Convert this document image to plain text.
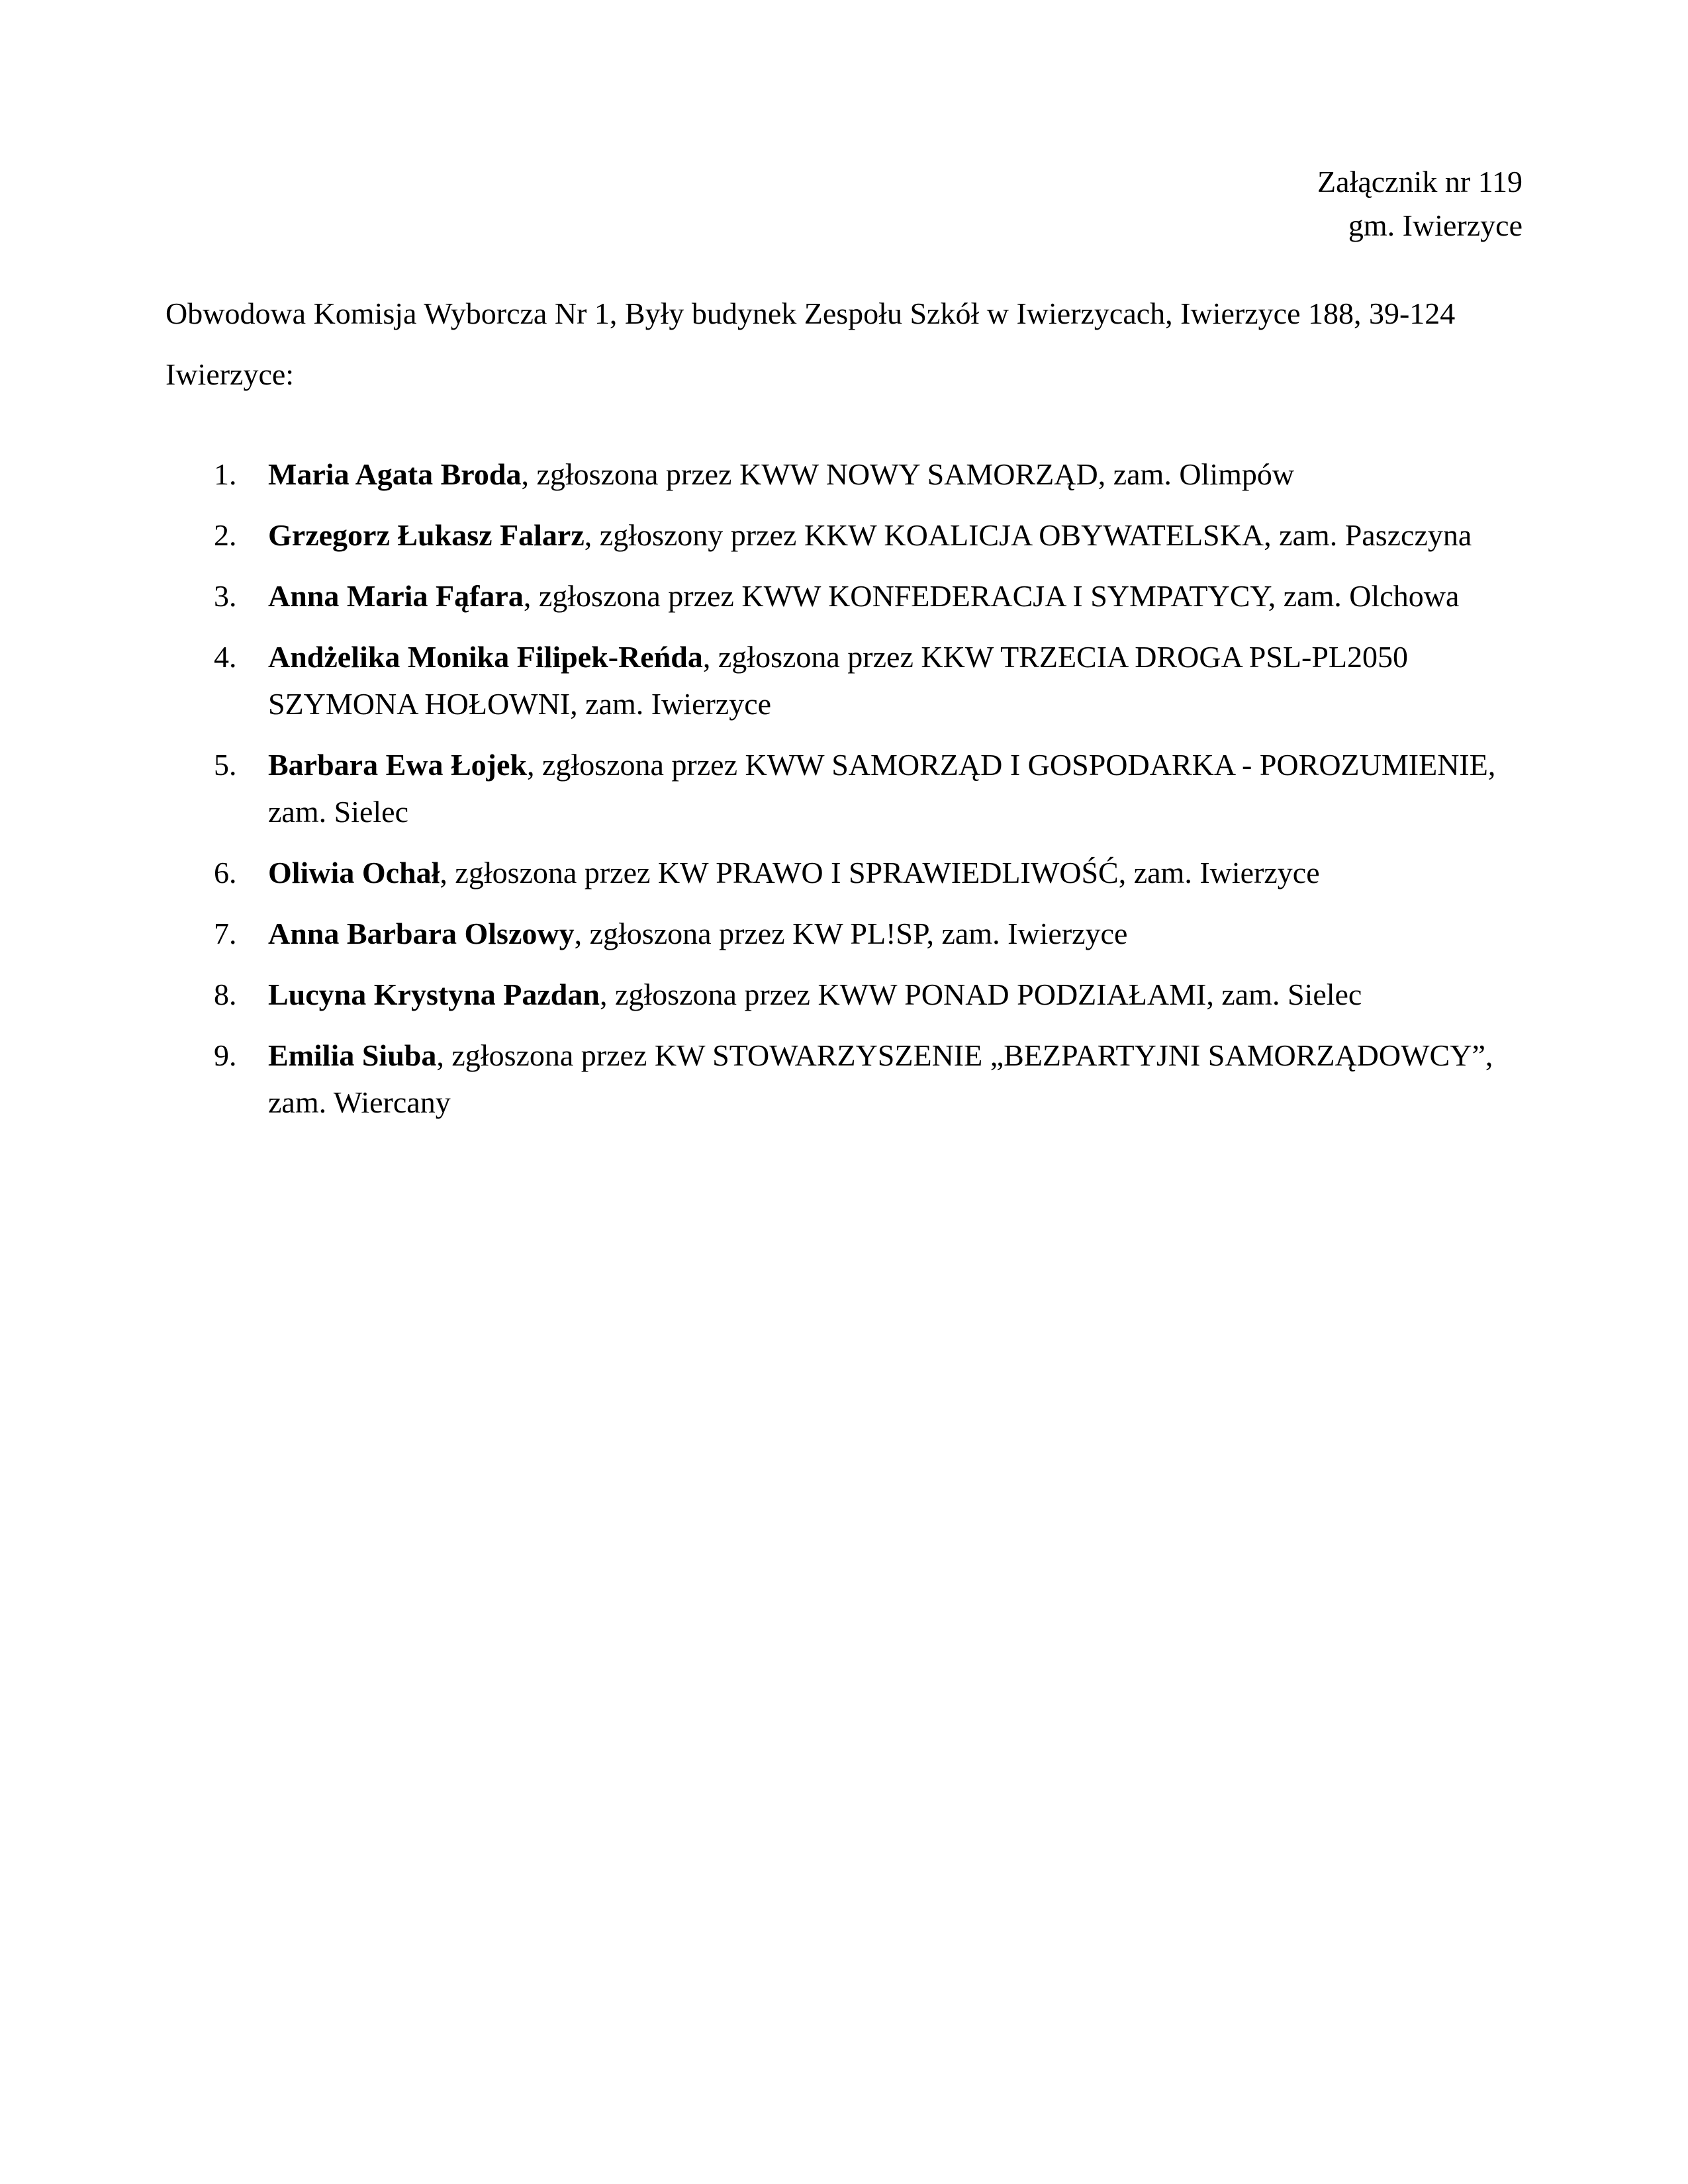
Załącznik nr 119
gm. Iwierzyce
Obwodowa Komisja Wyborcza Nr 1, Były budynek Zespołu Szkół w Iwierzycach, Iwierzyce 188, 39-124 Iwierzyce:
1. Maria Agata Broda, zgłoszona przez KWW NOWY SAMORZĄD, zam. Olimpów
2. Grzegorz Łukasz Falarz, zgłoszony przez KKW KOALICJA OBYWATELSKA, zam. Paszczyna
3. Anna Maria Fąfara, zgłoszona przez KWW KONFEDERACJA I SYMPATYCY, zam. Olchowa
4. Andżelika Monika Filipek-Reńda, zgłoszona przez KKW TRZECIA DROGA PSL-PL2050 SZYMONA HOŁOWNI, zam. Iwierzyce
5. Barbara Ewa Łojek, zgłoszona przez KWW SAMORZĄD I GOSPODARKA - POROZUMIENIE, zam. Sielec
6. Oliwia Ochał, zgłoszona przez KW PRAWO I SPRAWIEDLIWOŚĆ, zam. Iwierzyce
7. Anna Barbara Olszowy, zgłoszona przez KW PL!SP, zam. Iwierzyce
8. Lucyna Krystyna Pazdan, zgłoszona przez KWW PONAD PODZIAŁAMI, zam. Sielec
9. Emilia Siuba, zgłoszona przez KW STOWARZYSZENIE „BEZPARTYJNI SAMORZĄDOWCY”, zam. Wiercany
